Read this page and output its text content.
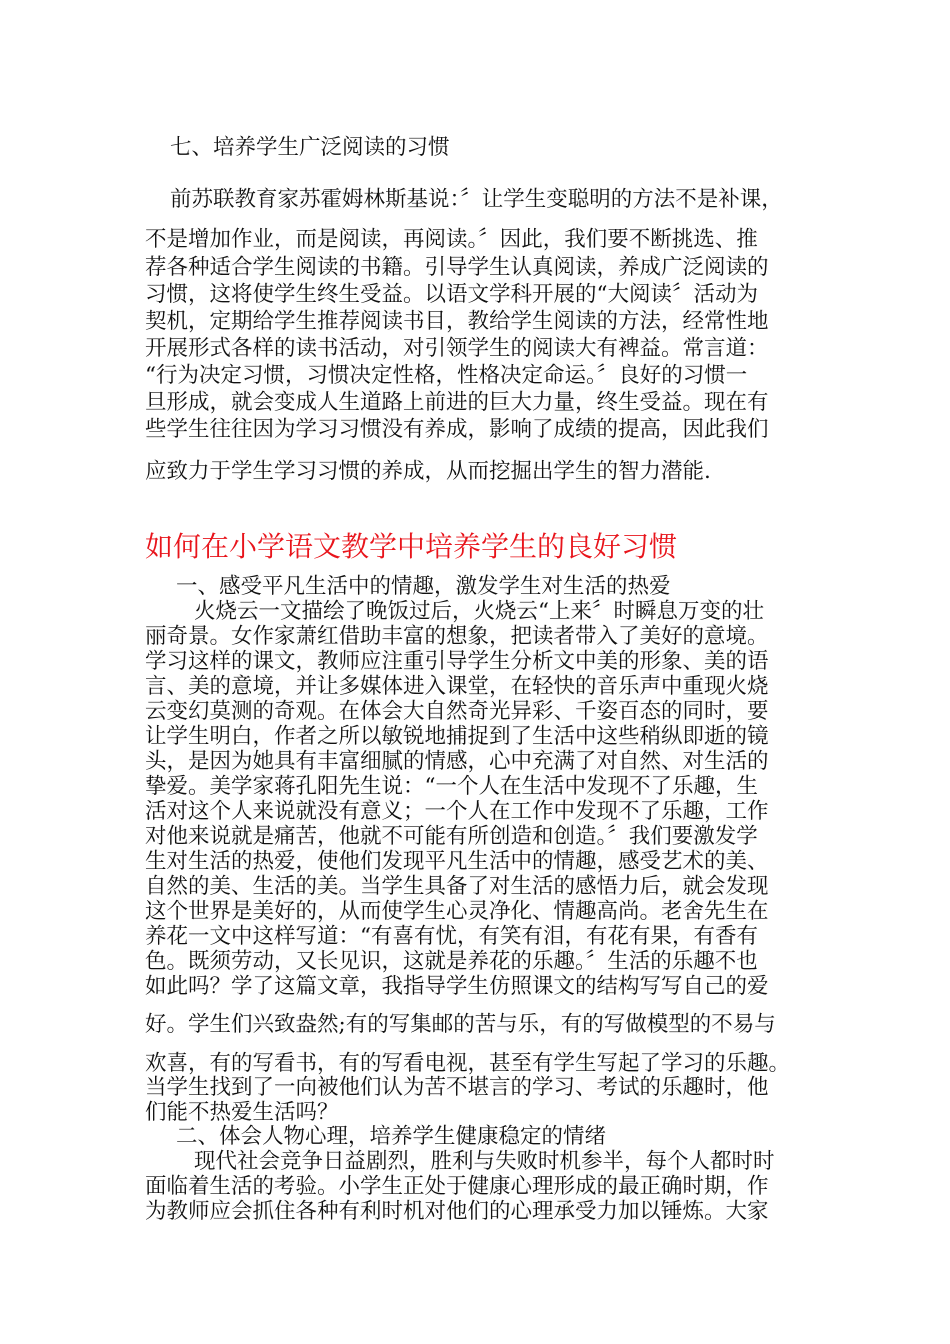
七、培养学生广泛阅读的习惯
前苏联教育家苏霍姆林斯基说：〞让学生变聪明的方法不是补课，
不是增加作业，而是阅读，再阅读。〞因此，我们要不断挑选、推
荐各种适合学生阅读的书籍。引导学生认真阅读，养成广泛阅读的
习惯，这将使学生终生受益。以语文学科开展的“大阅读〞活动为
契机，定期给学生推荐阅读书目，教给学生阅读的方法，经常性地
开展形式各样的读书活动，对引领学生的阅读大有裨益。常言道：
“行为决定习惯，习惯决定性格，性格决定命运。〞良好的习惯一
旦形成，就会变成人生道路上前进的巨大力量，终生受益。现在有
些学生往往因为学习习惯没有养成，影响了成绩的提高，因此我们
应致力于学生学习习惯的养成，从而挖掘出学生的智力潜能.
如何在小学语文教学中培养学生的良好习惯
一、感受平凡生活中的情趣，激发学生对生活的热爱
火烧云一文描绘了晚饭过后，火烧云“上来〞时瞬息万变的壮
丽奇景。女作家萧红借助丰富的想象，把读者带入了美好的意境。
学习这样的课文，教师应注重引导学生分析文中美的形象、美的语
言、美的意境，并让多媒体进入课堂，在轻快的音乐声中重现火烧
云变幻莫测的奇观。在体会大自然奇光异彩、千姿百态的同时，要
让学生明白，作者之所以敏锐地捕捉到了生活中这些稍纵即逝的镜
头，是因为她具有丰富细腻的情感，心中充满了对自然、对生活的
挚爱。美学家蒋孔阳先生说：“一个人在生活中发现不了乐趣，生
活对这个人来说就没有意义；一个人在工作中发现不了乐趣，工作
对他来说就是痛苦，他就不可能有所创造和创造。〞我们要激发学
生对生活的热爱，使他们发现平凡生活中的情趣，感受艺术的美、
自然的美、生活的美。当学生具备了对生活的感悟力后，就会发现
这个世界是美好的，从而使学生心灵净化、情趣高尚。老舍先生在
养花一文中这样写道：“有喜有忧，有笑有泪，有花有果，有香有
色。既须劳动，又长见识，这就是养花的乐趣。〞生活的乐趣不也
如此吗？学了这篇文章，我指导学生仿照课文的结构写写自己的爱
好。学生们兴致盎然;有的写集邮的苦与乐，有的写做模型的不易与
欢喜，有的写看书，有的写看电视，甚至有学生写起了学习的乐趣。
当学生找到了一向被他们认为苦不堪言的学习、考试的乐趣时，他
们能不热爱生活吗？
二、体会人物心理，培养学生健康稳定的情绪
现代社会竞争日益剧烈，胜利与失败时机参半，每个人都时时
面临着生活的考验。小学生正处于健康心理形成的最正确时期，作
为教师应会抓住各种有利时机对他们的心理承受力加以锤炼。大家
